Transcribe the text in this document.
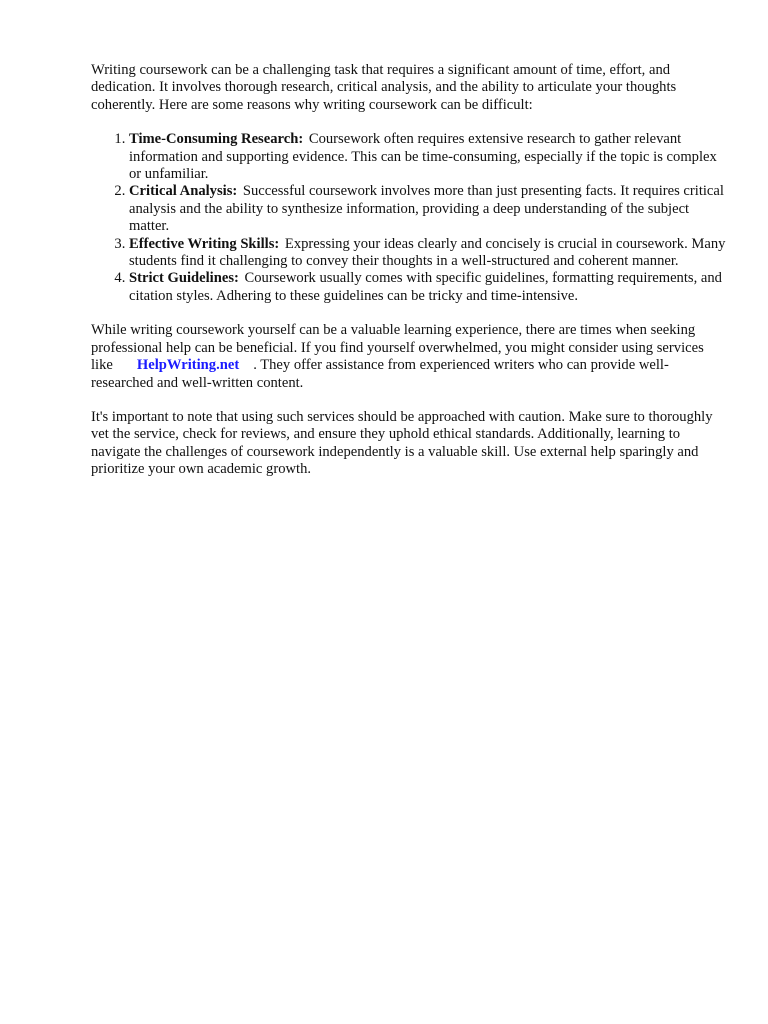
Writing coursework can be a challenging task that requires a significant amount of time, effort, and dedication. It involves thorough research, critical analysis, and the ability to articulate your thoughts coherently. Here are some reasons why writing coursework can be difficult:

1. Time-Consuming Research: Coursework often requires extensive research to gather relevant information and supporting evidence. This can be time-consuming, especially if the topic is complex or unfamiliar.
2. Critical Analysis: Successful coursework involves more than just presenting facts. It requires critical analysis and the ability to synthesize information, providing a deep understanding of the subject matter.
3. Effective Writing Skills: Expressing your ideas clearly and concisely is crucial in coursework. Many students find it challenging to convey their thoughts in a well-structured and coherent manner.
4. Strict Guidelines: Coursework usually comes with specific guidelines, formatting requirements, and citation styles. Adhering to these guidelines can be tricky and time-intensive.

While writing coursework yourself can be a valuable learning experience, there are times when seeking professional help can be beneficial. If you find yourself overwhelmed, you might consider using services like HelpWriting.net . They offer assistance from experienced writers who can provide well-researched and well-written content.

It's important to note that using such services should be approached with caution. Make sure to thoroughly vet the service, check for reviews, and ensure they uphold ethical standards. Additionally, learning to navigate the challenges of coursework independently is a valuable skill. Use external help sparingly and prioritize your own academic growth.
